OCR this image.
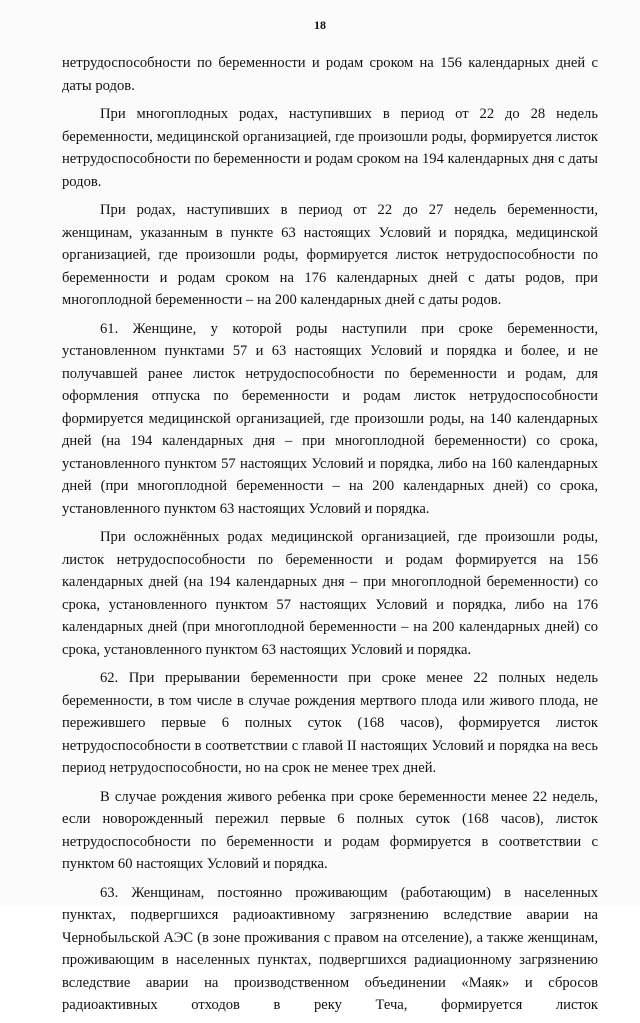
18

нетрудоспособности по беременности и родам сроком на 156 календарных дней с даты родов.

При многоплодных родах, наступивших в период от 22 до 28 недель беременности, медицинской организацией, где произошли роды, формируется листок нетрудоспособности по беременности и родам сроком на 194 календарных дня с даты родов.

При родах, наступивших в период от 22 до 27 недель беременности, женщинам, указанным в пункте 63 настоящих Условий и порядка, медицинской организацией, где произошли роды, формируется листок нетрудоспособности по беременности и родам сроком на 176 календарных дней с даты родов, при многоплодной беременности – на 200 календарных дней с даты родов.

61. Женщине, у которой роды наступили при сроке беременности, установленном пунктами 57 и 63 настоящих Условий и порядка и более, и не получавшей ранее листок нетрудоспособности по беременности и родам, для оформления отпуска по беременности и родам листок нетрудоспособности формируется медицинской организацией, где произошли роды, на 140 календарных дней (на 194 календарных дня – при многоплодной беременности) со срока, установленного пунктом 57 настоящих Условий и порядка, либо на 160 календарных дней (при многоплодной беременности – на 200 календарных дней) со срока, установленного пунктом 63 настоящих Условий и порядка.

При осложнённых родах медицинской организацией, где произошли роды, листок нетрудоспособности по беременности и родам формируется на 156 календарных дней (на 194 календарных дня – при многоплодной беременности) со срока, установленного пунктом 57 настоящих Условий и порядка, либо на 176 календарных дней (при многоплодной беременности – на 200 календарных дней) со срока, установленного пунктом 63 настоящих Условий и порядка.

62. При прерывании беременности при сроке менее 22 полных недель беременности, в том числе в случае рождения мертвого плода или живого плода, не пережившего первые 6 полных суток (168 часов), формируется листок нетрудоспособности в соответствии с главой II настоящих Условий и порядка на весь период нетрудоспособности, но на срок не менее трех дней.

В случае рождения живого ребенка при сроке беременности менее 22 недель, если новорожденный пережил первые 6 полных суток (168 часов), листок нетрудоспособности по беременности и родам формируется в соответствии с пунктом 60 настоящих Условий и порядка.

63. Женщинам, постоянно проживающим (работающим) в населенных пунктах, подвергшихся радиоактивному загрязнению вследствие аварии на Чернобыльской АЭС (в зоне проживания с правом на отселение), а также женщинам, проживающим в населенных пунктах, подвергшихся радиационному загрязнению вследствие аварии на производственном объединении «Маяк» и сбросов радиоактивных отходов в реку Теча, формируется листок
